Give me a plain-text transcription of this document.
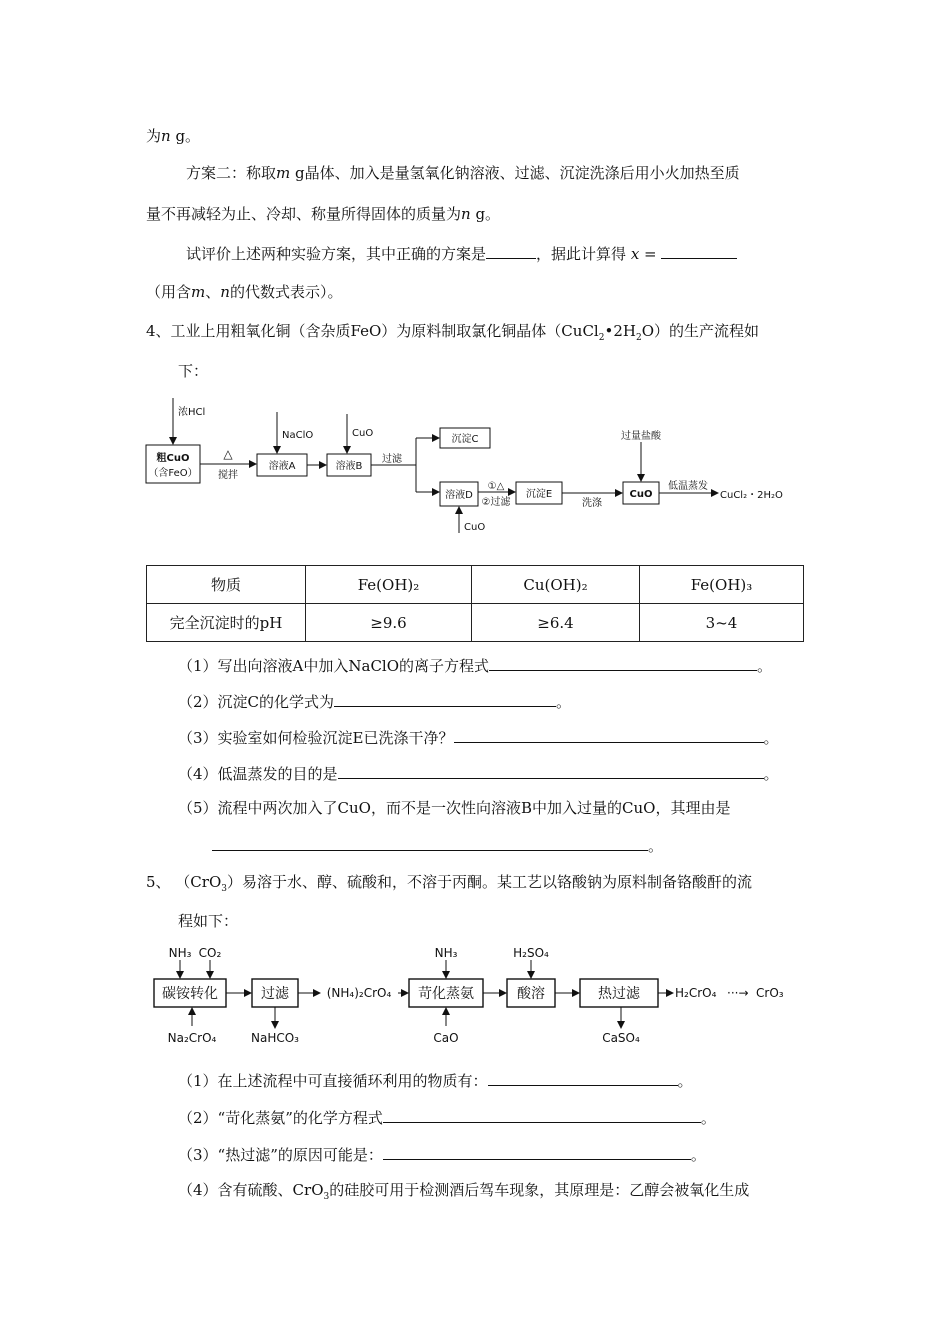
为n g。
方案二：称取m g晶体、加入是量氢氧化钠溶液、过滤、沉淀洗涤后用小火加热至质
量不再减轻为止、冷却、称量所得固体的质量为n g。
试评价上述两种实验方案，其中正确的方案是	，据此计算得 x =
（用含m、n的代数式表示）。
4、工业上用粗氧化铜（含杂质FeO）为原料制取氯化铜晶体$(CuCl_2•2H_2O)$的生产流程如
下：
浓HCl
粗CuO
（含FeO）
△
搅拌
NaClO
溶液A
CuO
溶液B
过滤
沉淀C
溶液D
CuO
①△
②过滤
沉淀E
洗涤
过量盐酸
CuO
低温蒸发
CuCl₂・2H₂O
物质	Fe(OH)₂	Cu(OH)₂	Fe(OH)₃
完全沉淀时的pH	≥9.6	≥6.4	3~4
（1）写出向溶液A中加入NaClO的离子方程式	。
（2）沉淀C的化学式为	。
（3）实验室如何检验沉淀E已洗涤干净？	。
（4）低温蒸发的目的是	。
（5）流程中两次加入了CuO，而不是一次性向溶液B中加入过量的CuO，其理由是
。
5、 （CrO$_3$）易溶于水、醇、硫酸和，不溶于丙酮。某工艺以铬酸钠为原料制备铬酸酐的流
程如下：
NH₃ CO₂
碳铵转化
Na₂CrO₄
过滤
NaHCO₃
(NH₄)₂CrO₄
NH₃
苛化蒸氨
CaO
H₂SO₄
酸溶	热过滤
CaSO₄
H₂CrO₄ ···→ CrO₃
（1）在上述流程中可直接循环利用的物质有：	。
（2）“苛化蒸氨”的化学方程式	。
（3）“热过滤”的原因可能是：	。
（4）含有硫酸、CrO$_3$的硅胶可用于检测酒后驾车现象，其原理是：乙醇会被氧化生成
